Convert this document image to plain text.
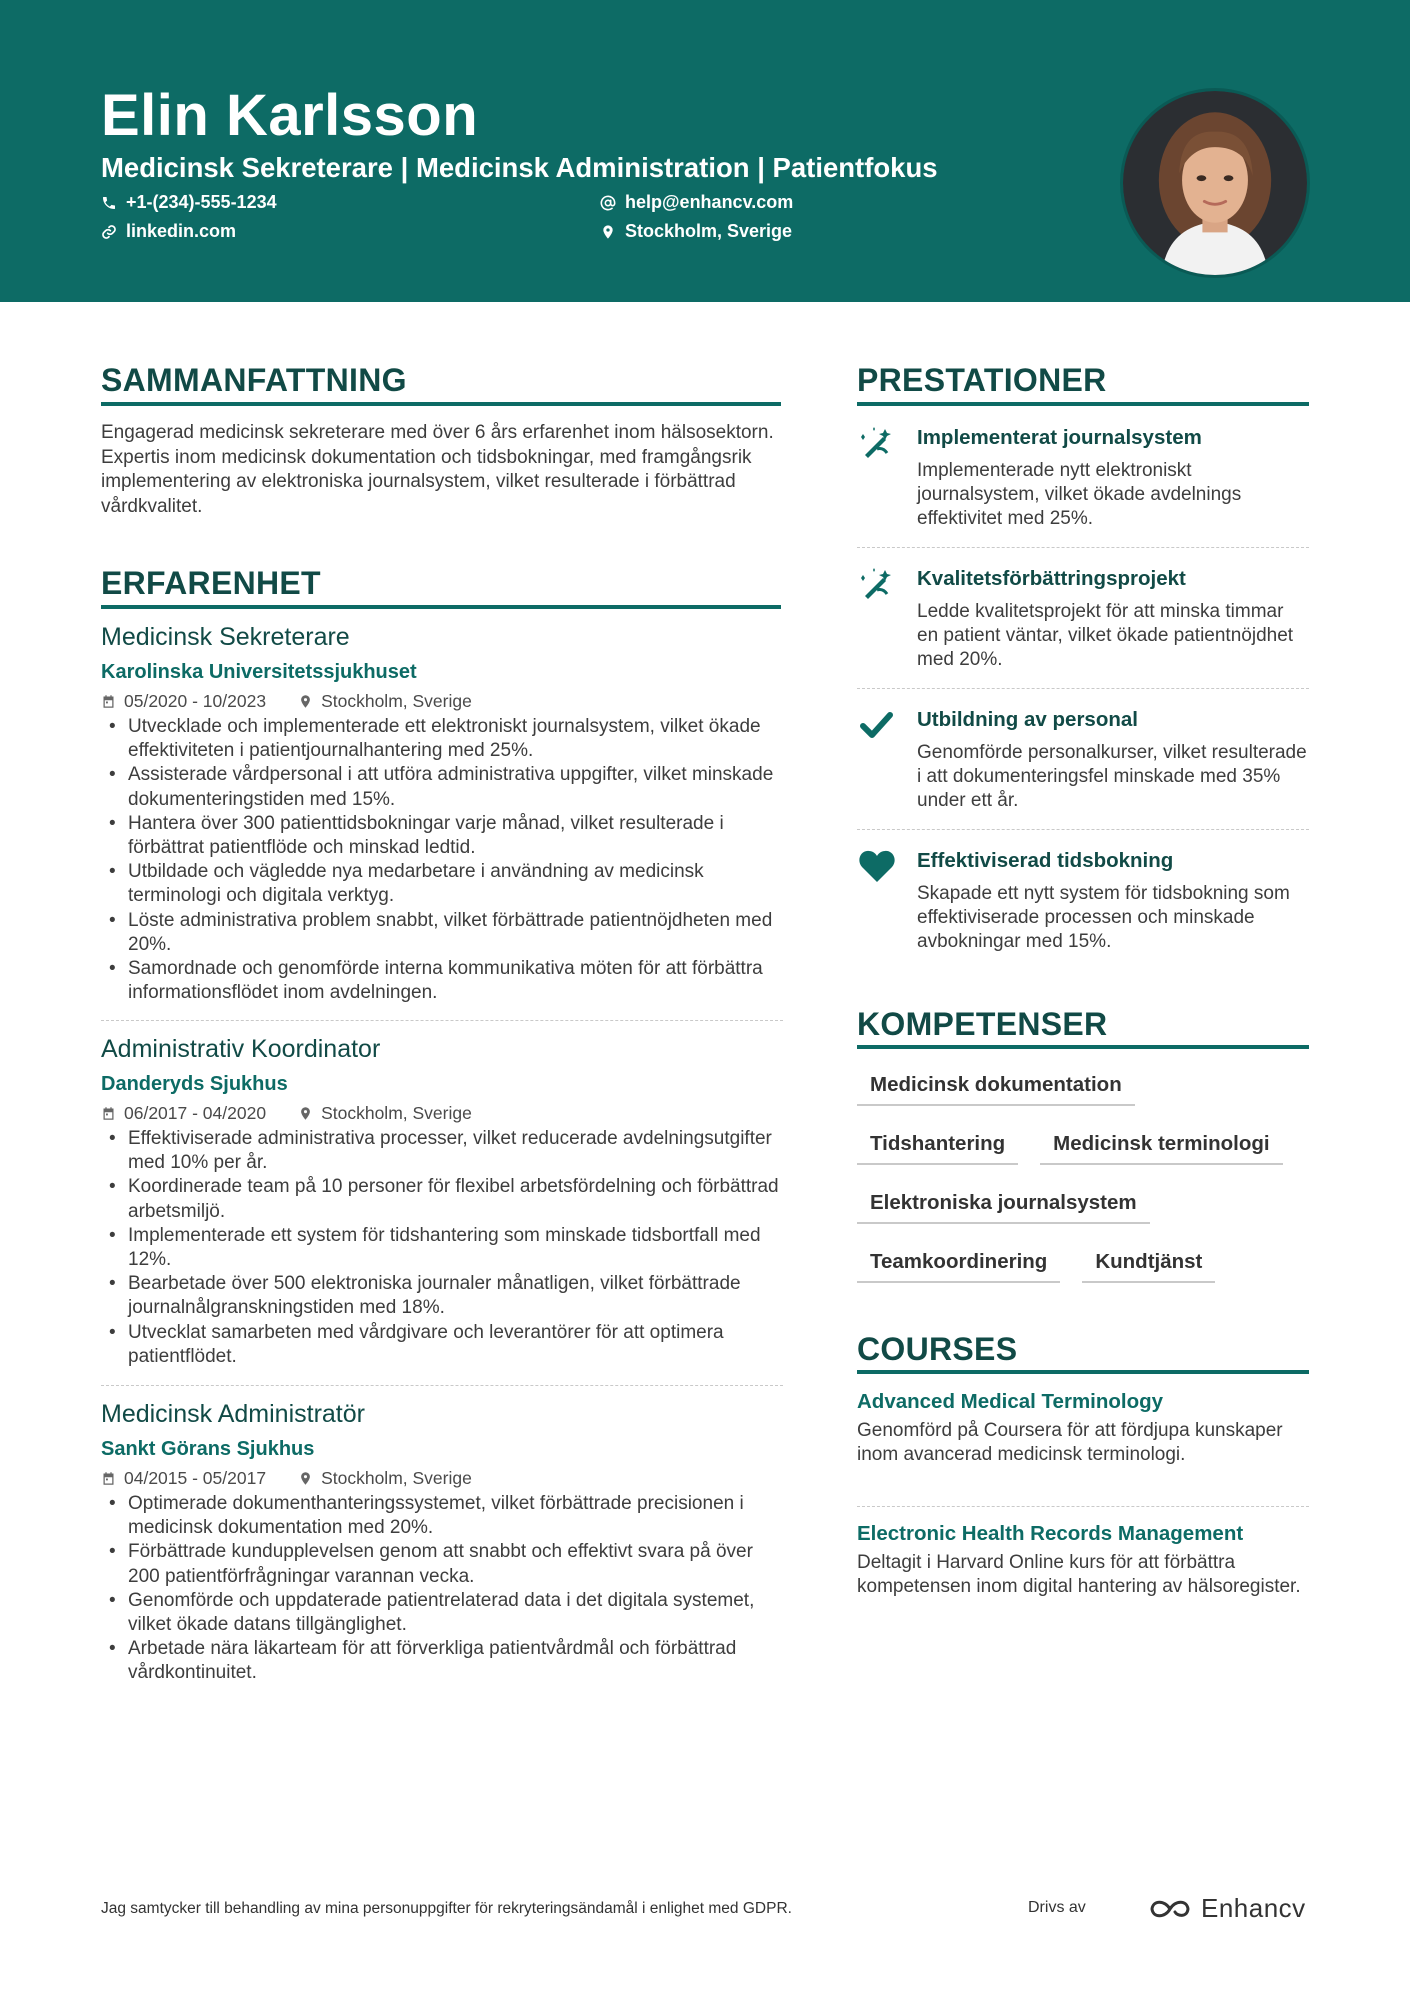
Elin Karlsson
Medicinsk Sekreterare | Medicinsk Administration | Patientfokus
+1-(234)-555-1234
linkedin.com
help@enhancv.com
Stockholm, Sverige
SAMMANFATTNING
Engagerad medicinsk sekreterare med över 6 års erfarenhet inom hälsosektorn. Expertis inom medicinsk dokumentation och tidsbokningar, med framgångsrik implementering av elektroniska journalsystem, vilket resulterade i förbättrad vårdkvalitet.
ERFARENHET
Medicinsk Sekreterare
Karolinska Universitetssjukhuset
05/2020 - 10/2023	Stockholm, Sverige
• Utvecklade och implementerade ett elektroniskt journalsystem, vilket ökade effektiviteten i patientjournalhantering med 25%.
• Assisterade vårdpersonal i att utföra administrativa uppgifter, vilket minskade dokumenteringstiden med 15%.
• Hantera över 300 patienttidsbokningar varje månad, vilket resulterade i förbättrat patientflöde och minskad ledtid.
• Utbildade och vägledde nya medarbetare i användning av medicinsk terminologi och digitala verktyg.
• Löste administrativa problem snabbt, vilket förbättrade patientnöjdheten med 20%.
• Samordnade och genomförde interna kommunikativa möten för att förbättra informationsflödet inom avdelningen.
Administrativ Koordinator
Danderyds Sjukhus
06/2017 - 04/2020	Stockholm, Sverige
• Effektiviserade administrativa processer, vilket reducerade avdelningsutgifter med 10% per år.
• Koordinerade team på 10 personer för flexibel arbetsfördelning och förbättrad arbetsmiljö.
• Implementerade ett system för tidshantering som minskade tidsbortfall med 12%.
• Bearbetade över 500 elektroniska journaler månatligen, vilket förbättrade journalnålgranskningstiden med 18%.
• Utvecklat samarbeten med vårdgivare och leverantörer för att optimera patientflödet.
Medicinsk Administratör
Sankt Görans Sjukhus
04/2015 - 05/2017	Stockholm, Sverige
• Optimerade dokumenthanteringssystemet, vilket förbättrade precisionen i medicinsk dokumentation med 20%.
• Förbättrade kundupplevelsen genom att snabbt och effektivt svara på över 200 patientförfrågningar varannan vecka.
• Genomförde och uppdaterade patientrelaterad data i det digitala systemet, vilket ökade datans tillgänglighet.
• Arbetade nära läkarteam för att förverkliga patientvårdmål och förbättrad vårdkontinuitet.
PRESTATIONER
Implementerat journalsystem
Implementerade nytt elektroniskt journalsystem, vilket ökade avdelnings effektivitet med 25%.
Kvalitetsförbättringsprojekt
Ledde kvalitetsprojekt för att minska timmar en patient väntar, vilket ökade patientnöjdhet med 20%.
Utbildning av personal
Genomförde personalkurser, vilket resulterade i att dokumenteringsfel minskade med 35% under ett år.
Effektiviserad tidsbokning
Skapade ett nytt system för tidsbokning som effektiviserade processen och minskade avbokningar med 15%.
KOMPETENSER
Medicinsk dokumentation
Tidshantering	Medicinsk terminologi
Elektroniska journalsystem
Teamkoordinering	Kundtjänst
COURSES
Advanced Medical Terminology
Genomförd på Coursera för att fördjupa kunskaper inom avancerad medicinsk terminologi.
Electronic Health Records Management
Deltagit i Harvard Online kurs för att förbättra kompetensen inom digital hantering av hälsoregister.
Jag samtycker till behandling av mina personuppgifter för rekryteringsändamål i enlighet med GDPR.	Drivs av	Enhancv
